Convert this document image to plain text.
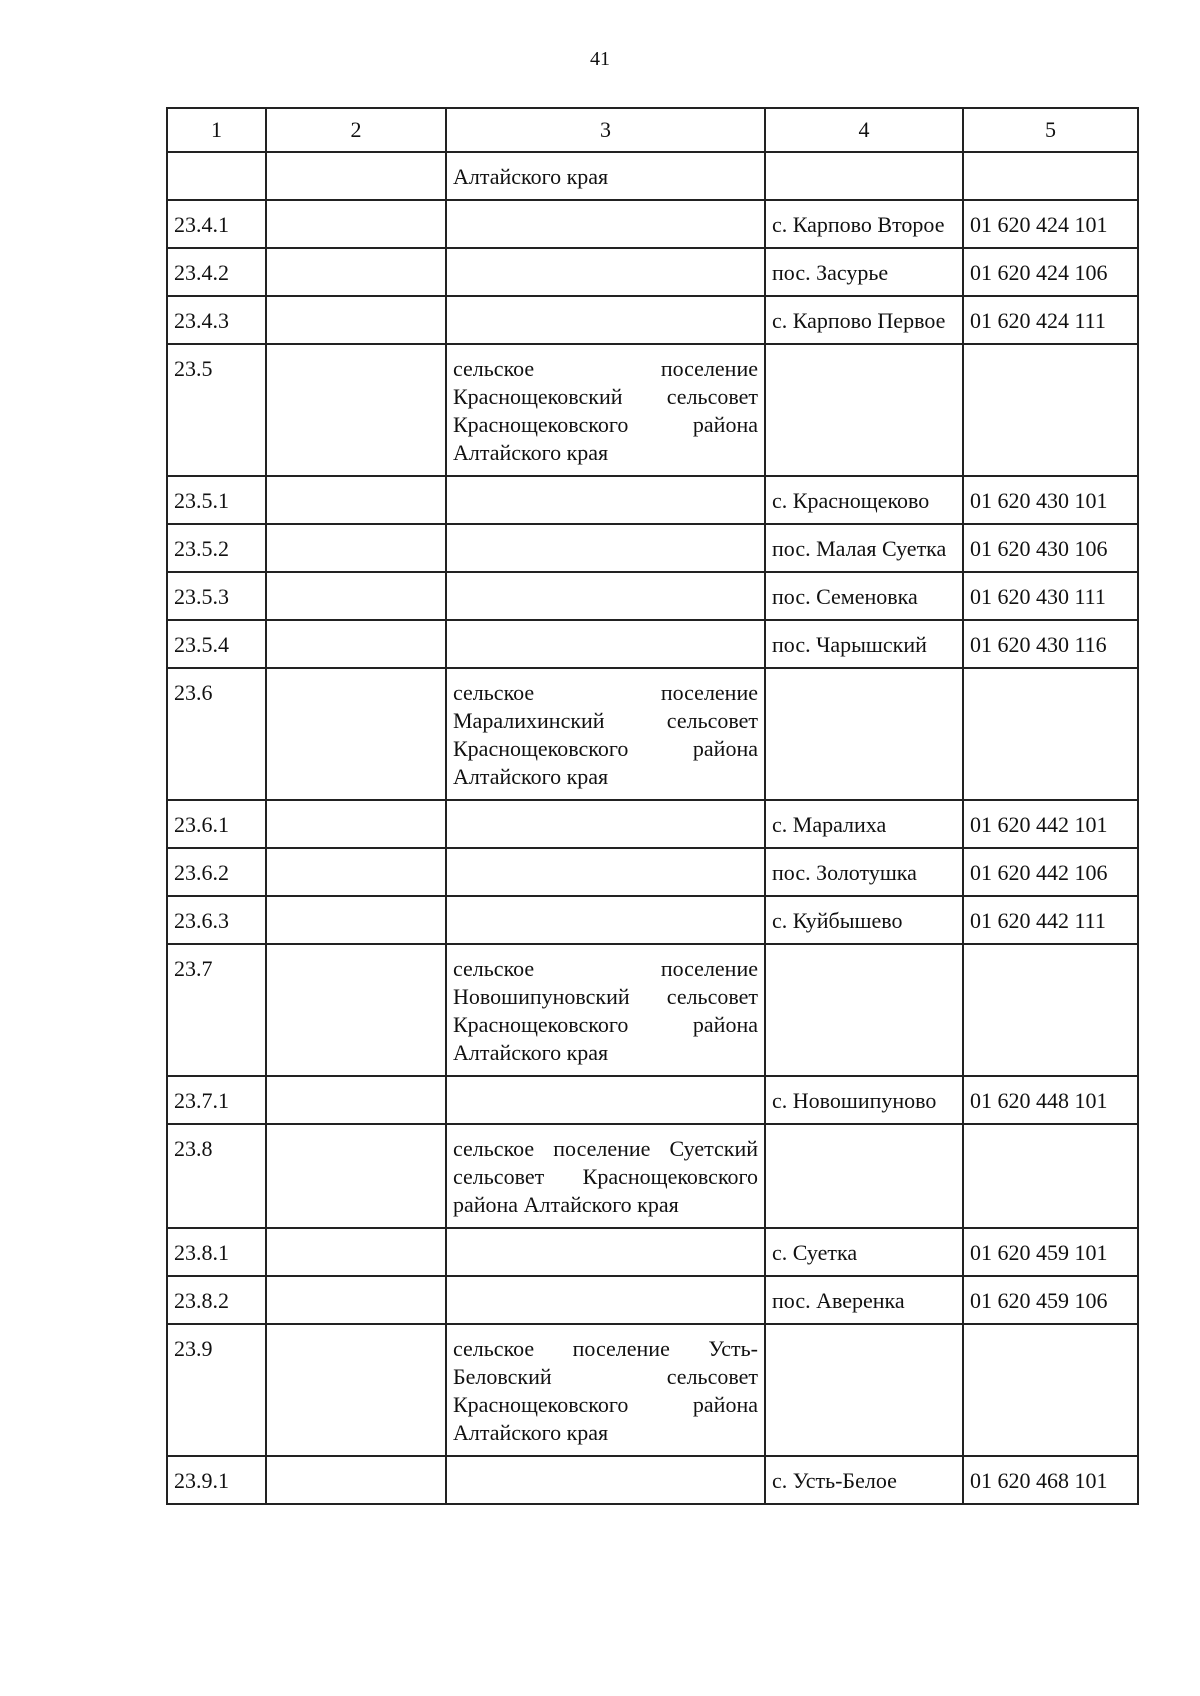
41
1	2	3	4	5
		Алтайского края		
23.4.1			с. Карпово Второе	01 620 424 101
23.4.2			пос. Засурье	01 620 424 106
23.4.3			с. Карпово Первое	01 620 424 111
23.5		сельское поселение Краснощековский сельсовет Краснощековского района Алтайского края		
23.5.1			с. Краснощеково	01 620 430 101
23.5.2			пос. Малая Суетка	01 620 430 106
23.5.3			пос. Семеновка	01 620 430 111
23.5.4			пос. Чарышский	01 620 430 116
23.6		сельское поселение Маралихинский сельсовет Краснощековского района Алтайского края		
23.6.1			с. Маралиха	01 620 442 101
23.6.2			пос. Золотушка	01 620 442 106
23.6.3			с. Куйбышево	01 620 442 111
23.7		сельское поселение Новошипуновский сельсовет Краснощековского района Алтайского края		
23.7.1			с. Новошипуново	01 620 448 101
23.8		сельское поселение Суетский сельсовет Краснощековского района Алтайского края		
23.8.1			с. Суетка	01 620 459 101
23.8.2			пос. Аверенка	01 620 459 106
23.9		сельское поселение Усть-Беловский сельсовет Краснощековского района Алтайского края		
23.9.1			с. Усть-Белое	01 620 468 101
